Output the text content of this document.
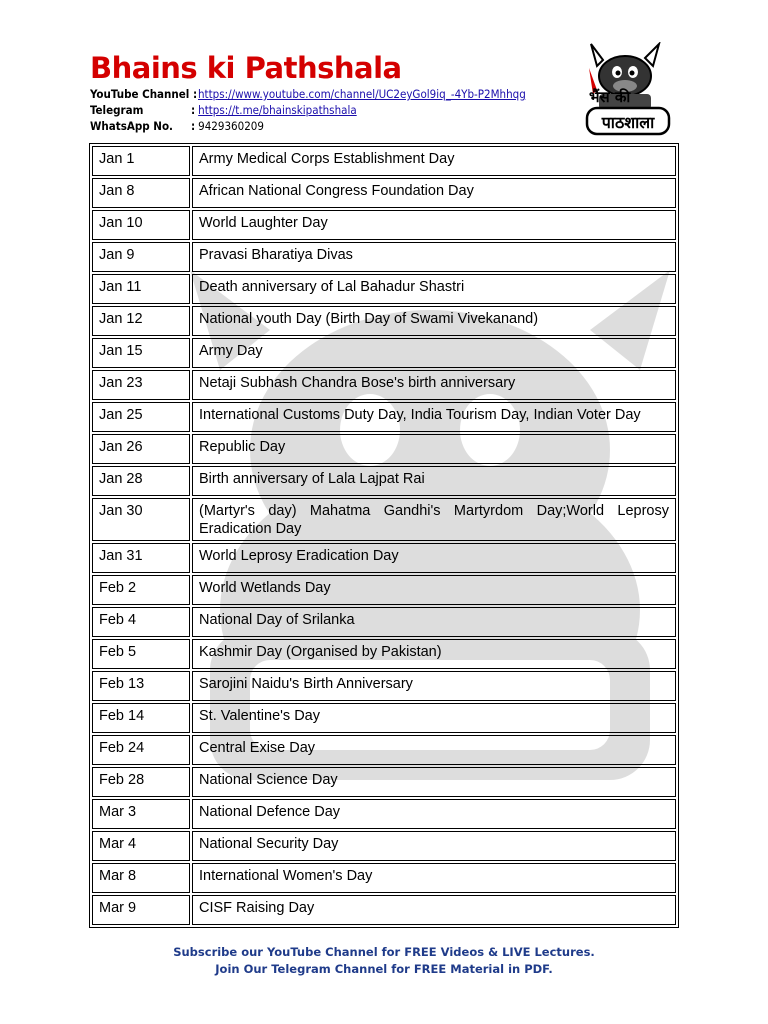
Bhains ki Pathshala
YouTube Channel : https://www.youtube.com/channel/UC2eyGol9iq_-4Yb-P2Mhhqg
Telegram	: https://t.me/bhainskipathshala
WhatsApp No.	: 9429360209
भैंस की
पाठशाला
Jan 1	Army Medical Corps Establishment Day
Jan 8	African National Congress Foundation Day
Jan 10	World Laughter Day
Jan 9	Pravasi Bharatiya Divas
Jan 11	Death anniversary of Lal Bahadur Shastri
Jan 12	National youth Day (Birth Day of Swami Vivekanand)
Jan 15	Army Day
Jan 23	Netaji Subhash Chandra Bose's birth anniversary
Jan 25	International Customs Duty Day, India Tourism Day, Indian Voter Day
Jan 26	Republic Day
Jan 28	Birth anniversary of Lala Lajpat Rai
Jan 30	(Martyr's day) Mahatma Gandhi's Martyrdom Day;World Leprosy Eradication Day
Jan 31	World Leprosy Eradication Day
Feb 2	World Wetlands Day
Feb 4	National Day of Srilanka
Feb 5	Kashmir Day (Organised by Pakistan)
Feb 13	Sarojini Naidu's Birth Anniversary
Feb 14	St. Valentine's Day
Feb 24	Central Exise Day
Feb 28	National Science Day
Mar 3	National Defence Day
Mar 4	National Security Day
Mar 8	International Women's Day
Mar 9	CISF Raising Day
Subscribe our YouTube Channel for FREE Videos & LIVE Lectures.
Join Our Telegram Channel for FREE Material in PDF.
